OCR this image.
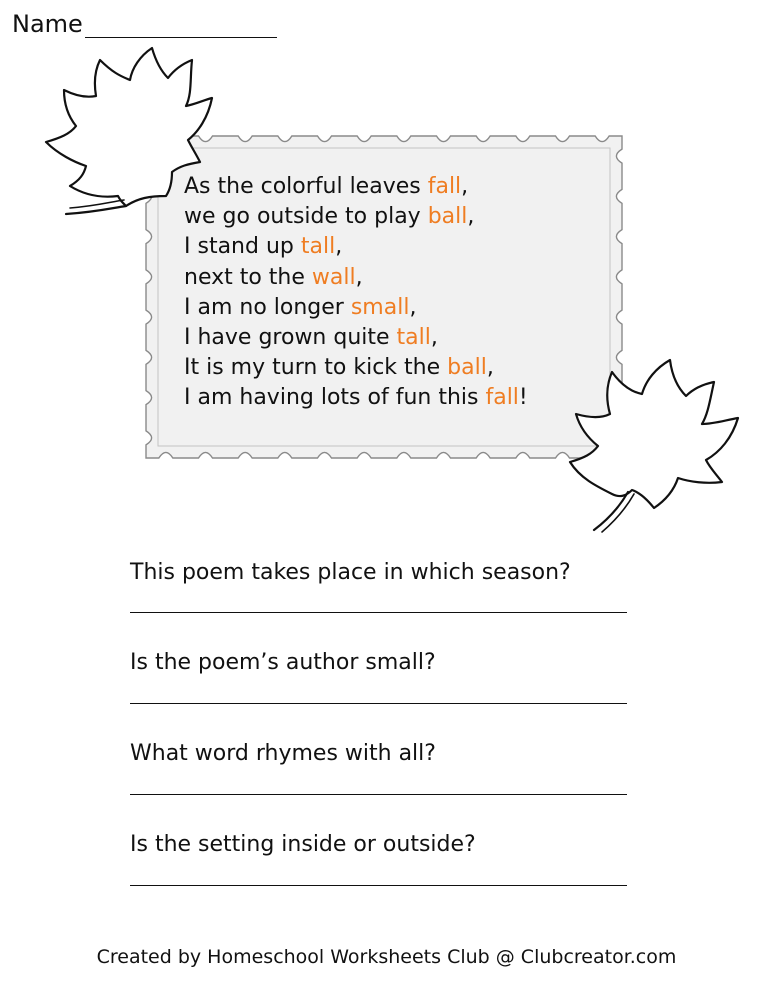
Name
As the colorful leaves fall,
we go outside to play ball,
I stand up tall,
next to the wall,
I am no longer small,
I have grown quite tall,
It is my turn to kick the ball,
I am having lots of fun this fall!
This poem takes place in which season?
Is the poem’s author small?
What word rhymes with all?
Is the setting inside or outside?
Created by Homeschool Worksheets Club @ Clubcreator.com
